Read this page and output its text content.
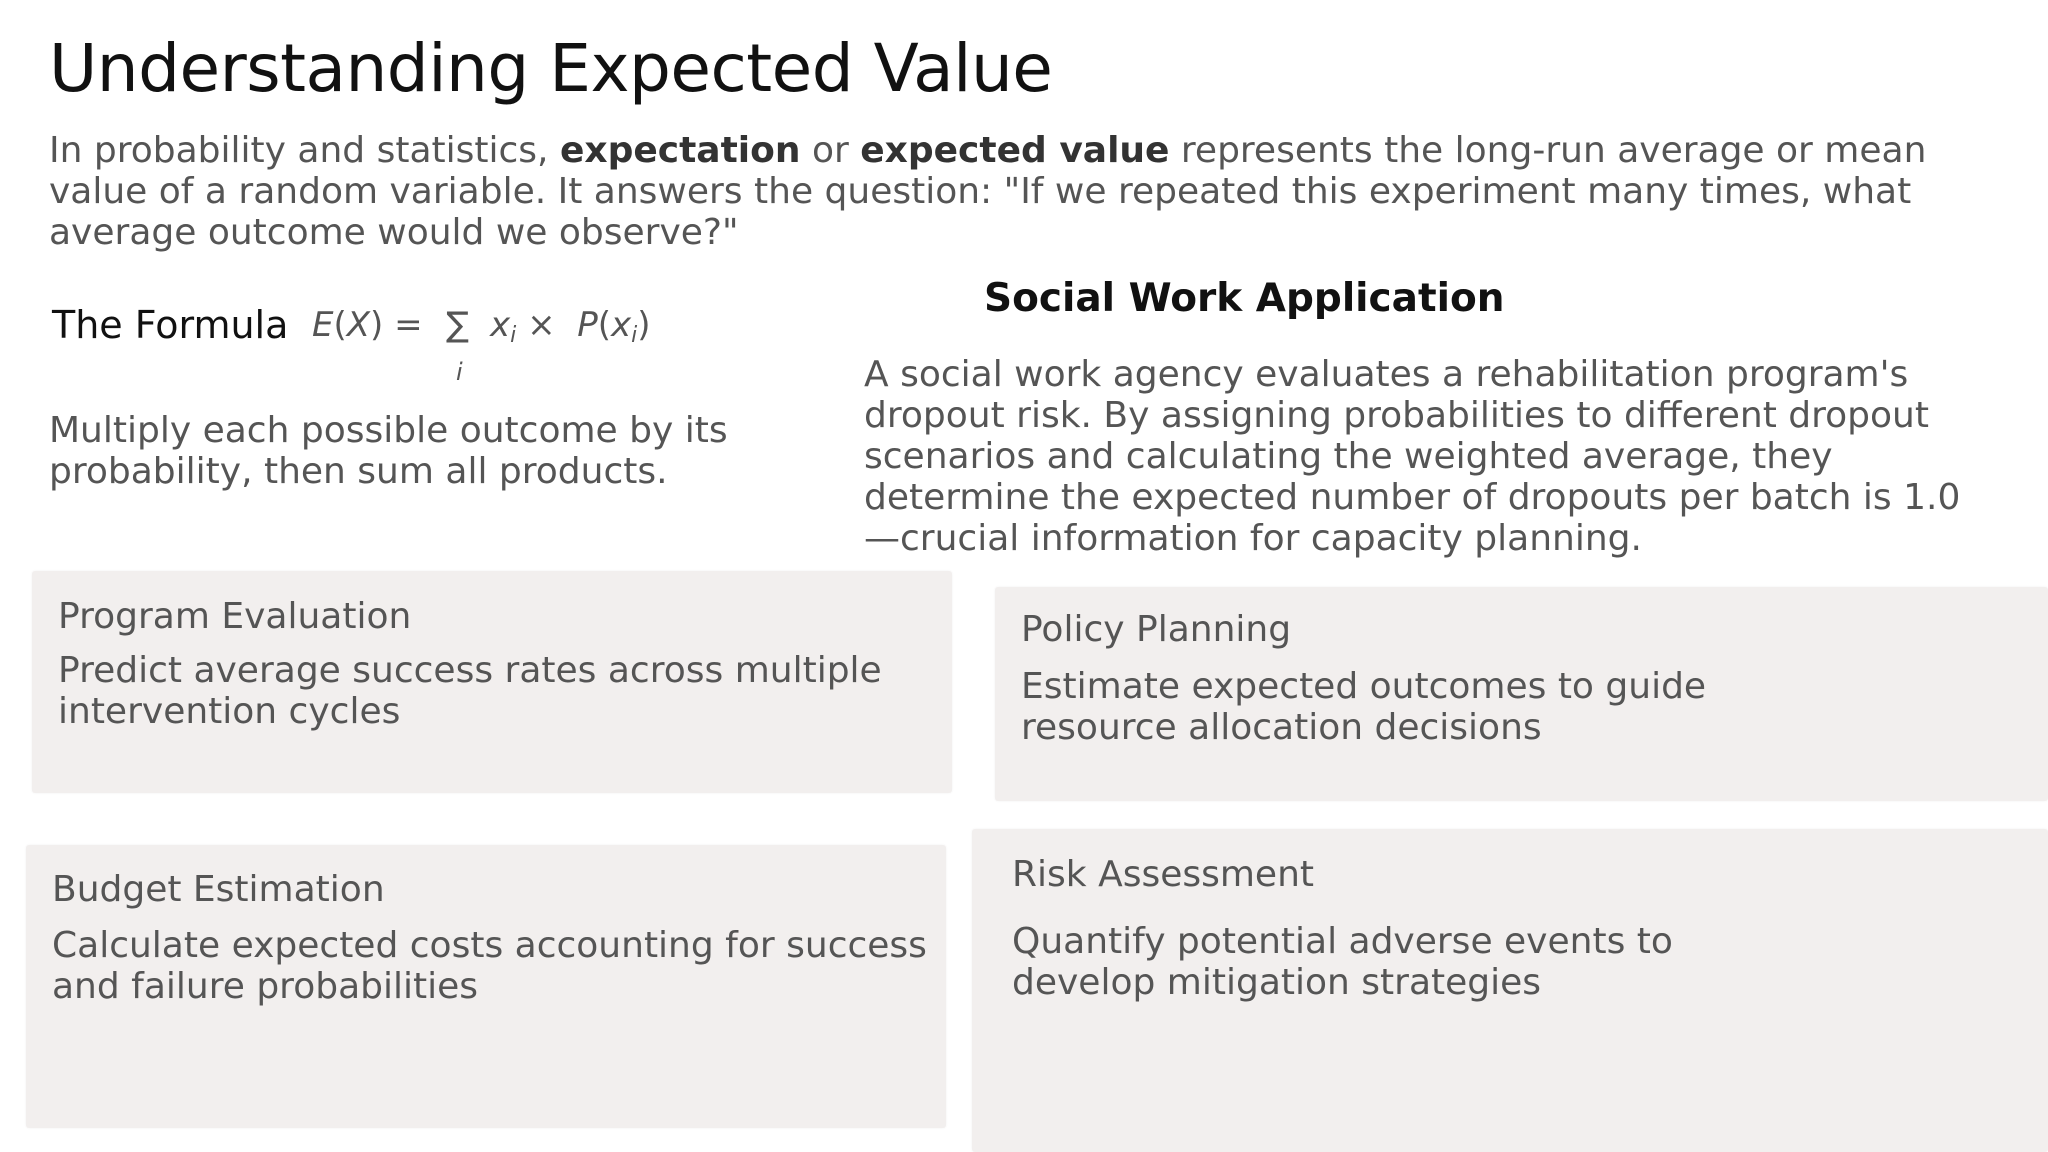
Understanding Expected Value

In probability and statistics, expectation or expected value represents the long-run average or mean value of a random variable. It answers the question: "If we repeated this experiment many times, what average outcome would we observe?"

The Formula E(X) = ∑
i
$x_i \times P(x_i)$

Multiply each possible outcome by its probability, then sum all products.

Social Work Application

A social work agency evaluates a rehabilitation program's dropout risk. By assigning probabilities to different dropout scenarios and calculating the weighted average, they determine the expected number of dropouts per batch is 1.0—crucial information for capacity planning.

Program Evaluation

Predict average success rates across multiple intervention cycles

Policy Planning

Estimate expected outcomes to guide resource allocation decisions

Budget Estimation

Calculate expected costs accounting for success and failure probabilities

Risk Assessment

Quantify potential adverse events to develop mitigation strategies
